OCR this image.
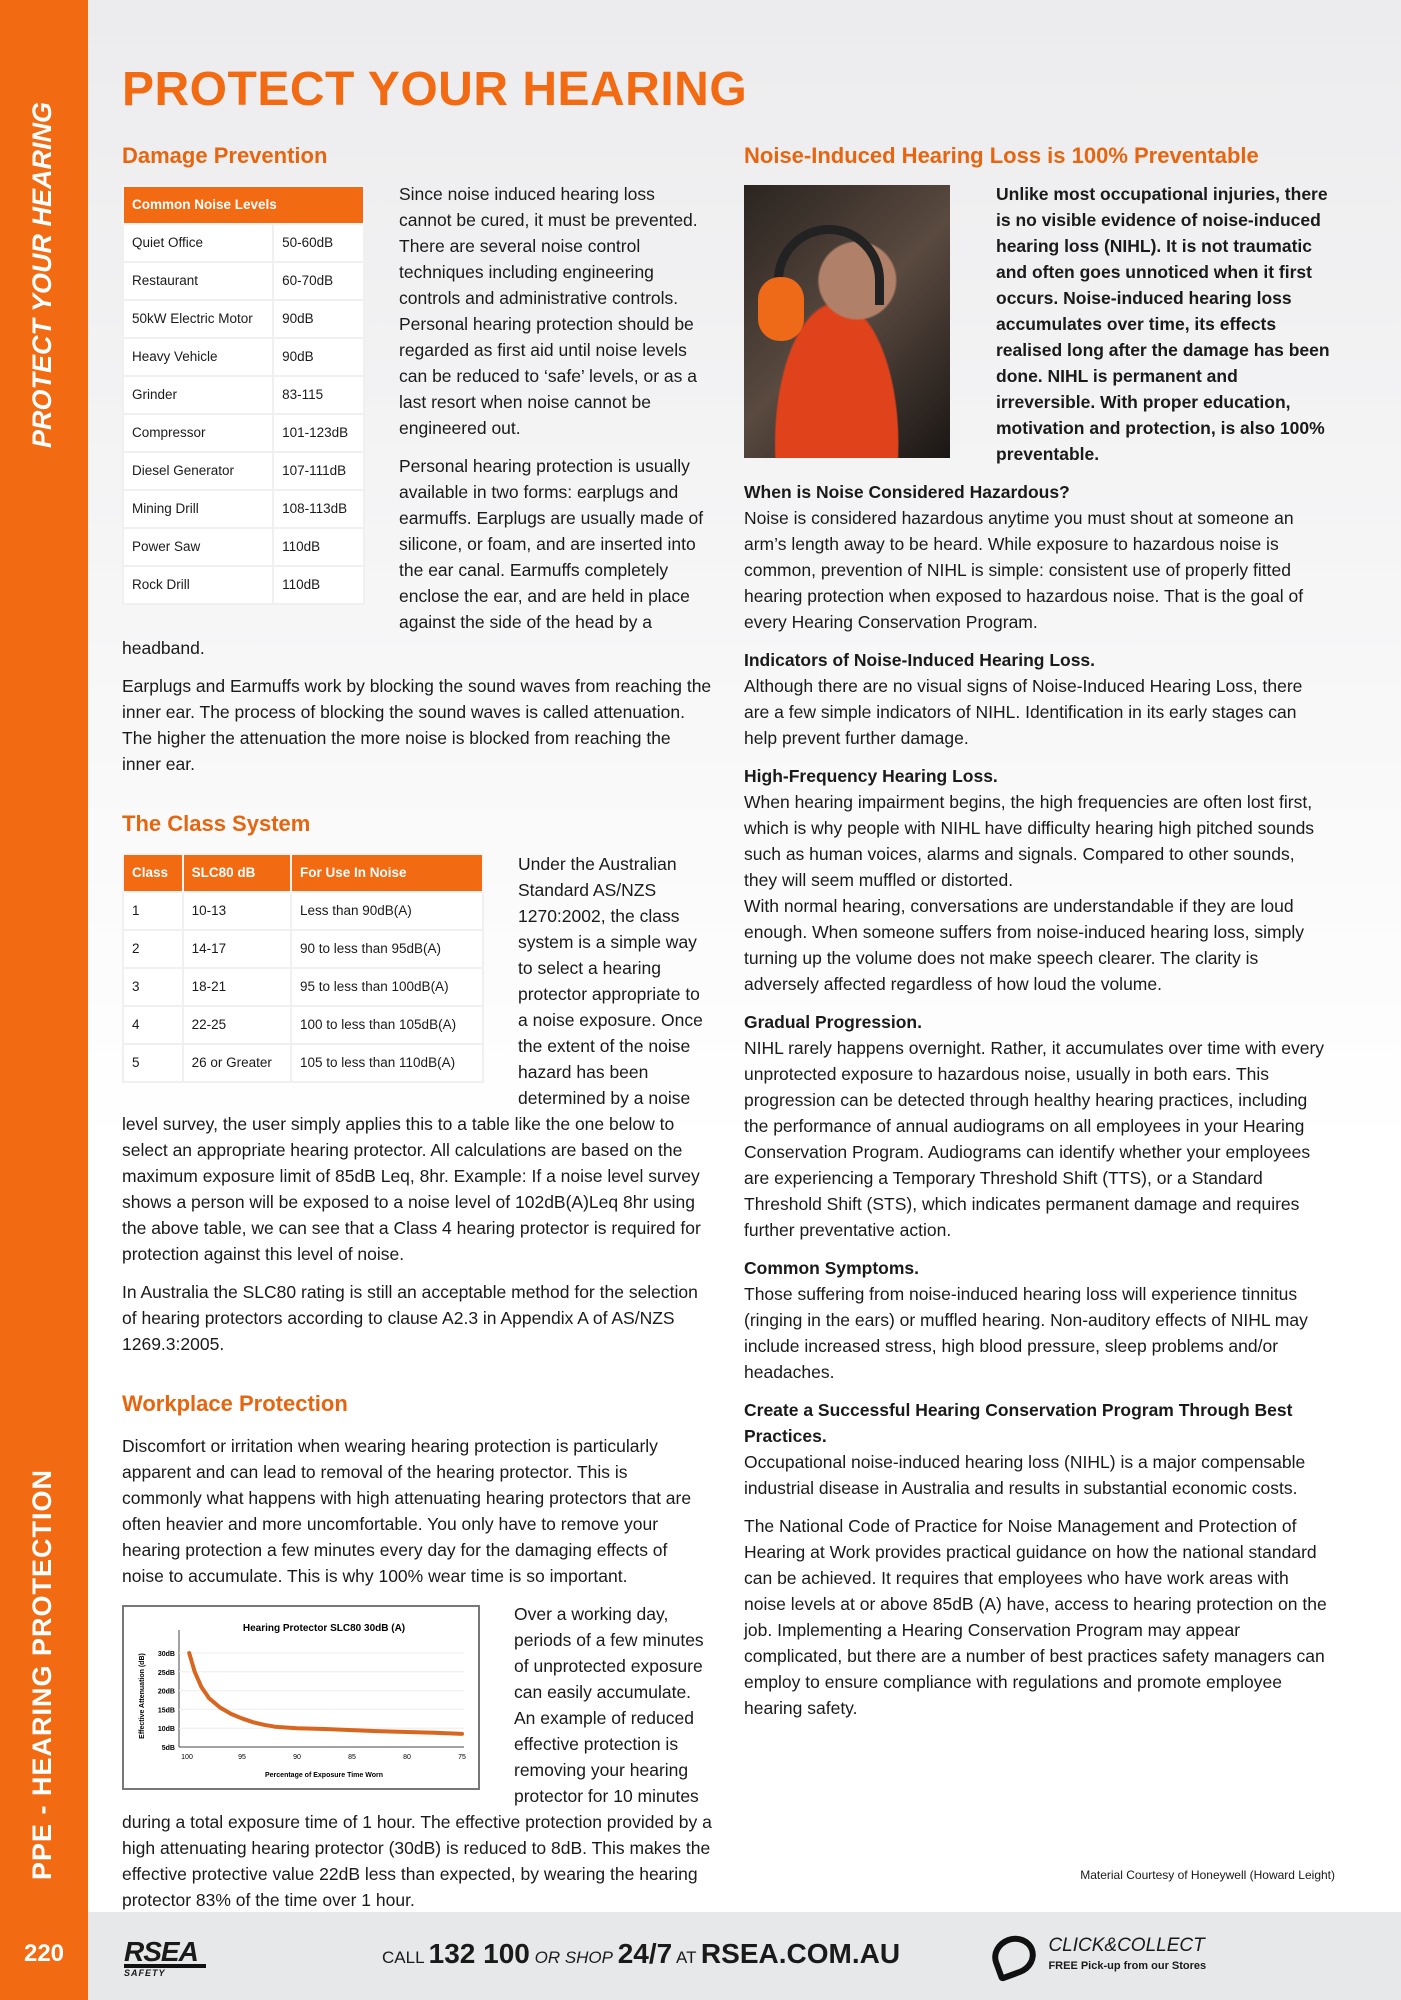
PROTECT YOUR HEARING
PPE - HEARING PROTECTION
220
PROTECT YOUR HEARING
Damage Prevention
Common Noise Levels	
Quiet Office	50-60dB
Restaurant	60-70dB
50kW Electric Motor	90dB
Heavy Vehicle	90dB
Grinder	83-115
Compressor	101-123dB
Diesel Generator	107-111dB
Mining Drill	108-113dB
Power Saw	110dB
Rock Drill	110dB

Since noise induced hearing loss cannot be cured, it must be prevented. There are several noise control techniques including engineering controls and administrative controls. Personal hearing protection should be regarded as first aid until noise levels can be reduced to ‘safe’ levels, or as a last resort when noise cannot be engineered out.

Personal hearing protection is usually available in two forms: earplugs and earmuffs. Earplugs are usually made of silicone, or foam, and are inserted into the ear canal. Earmuffs completely enclose the ear, and are held in place against the side of the head by a headband.

Earplugs and Earmuffs work by blocking the sound waves from reaching the inner ear. The process of blocking the sound waves is called attenuation. The higher the attenuation the more noise is blocked from reaching the inner ear.

The Class System
Class	SLC80 dB	For Use In Noise
1	10-13	Less than 90dB(A)
2	14-17	90 to less than 95dB(A)
3	18-21	95 to less than 100dB(A)
4	22-25	100 to less than 105dB(A)
5	26 or Greater	105 to less than 110dB(A)

Under the Australian Standard AS/NZS 1270:2002, the class system is a simple way to select a hearing protector appropriate to a noise exposure. Once the extent of the noise hazard has been determined by a noise level survey, the user simply applies this to a table like the one below to select an appropriate hearing protector. All calculations are based on the maximum exposure limit of 85dB Leq, 8hr. Example: If a noise level survey shows a person will be exposed to a noise level of 102dB(A)Leq 8hr using the above table, we can see that a Class 4 hearing protector is required for protection against this level of noise.

In Australia the SLC80 rating is still an acceptable method for the selection of hearing protectors according to clause A2.3 in Appendix A of AS/NZS 1269.3:2005.

Workplace Protection

Discomfort or irritation when wearing hearing protection is particularly apparent and can lead to removal of the hearing protector. This is commonly what happens with high attenuating hearing protectors that are often heavier and more uncomfortable. You only have to remove your hearing protection a few minutes every day for the damaging effects of noise to accumulate. This is why 100% wear time is so important.

Hearing Protector SLC80 30dB (A)
30dB
25dB
20dB
15dB
10dB
5dB
100	95	90	85	80	75
Percentage of Exposure Time Worn
Effective Attenuation (dB)

Over a working day, periods of a few minutes of unprotected exposure can easily accumulate. An example of reduced effective protection is removing your hearing protector for 10 minutes during a total exposure time of 1 hour. The effective protection provided by a high attenuating hearing protector (30dB) is reduced to 8dB. This makes the effective protective value 22dB less than expected, by wearing the hearing protector 83% of the time over 1 hour.

Noise-Induced Hearing Loss is 100% Preventable

Unlike most occupational injuries, there is no visible evidence of noise-induced hearing loss (NIHL). It is not traumatic and often goes unnoticed when it first occurs. Noise-induced hearing loss accumulates over time, its effects realised long after the damage has been done. NIHL is permanent and irreversible. With proper education, motivation and protection, is also 100% preventable.

When is Noise Considered Hazardous?
Noise is considered hazardous anytime you must shout at someone an arm’s length away to be heard. While exposure to hazardous noise is common, prevention of NIHL is simple: consistent use of properly fitted hearing protection when exposed to hazardous noise. That is the goal of every Hearing Conservation Program.
Indicators of Noise-Induced Hearing Loss.
Although there are no visual signs of Noise-Induced Hearing Loss, there are a few simple indicators of NIHL. Identification in its early stages can help prevent further damage.
High-Frequency Hearing Loss.
When hearing impairment begins, the high frequencies are often lost first, which is why people with NIHL have difficulty hearing high pitched sounds such as human voices, alarms and signals. Compared to other sounds, they will seem muffled or distorted.
With normal hearing, conversations are understandable if they are loud enough. When someone suffers from noise-induced hearing loss, simply turning up the volume does not make speech clearer. The clarity is adversely affected regardless of how loud the volume.
Gradual Progression.
NIHL rarely happens overnight. Rather, it accumulates over time with every unprotected exposure to hazardous noise, usually in both ears. This progression can be detected through healthy hearing practices, including the performance of annual audiograms on all employees in your Hearing Conservation Program. Audiograms can identify whether your employees are experiencing a Temporary Threshold Shift (TTS), or a Standard Threshold Shift (STS), which indicates permanent damage and requires further preventative action.
Common Symptoms.
Those suffering from noise-induced hearing loss will experience tinnitus (ringing in the ears) or muffled hearing. Non-auditory effects of NIHL may include increased stress, high blood pressure, sleep problems and/or headaches.
Create a Successful Hearing Conservation Program Through Best Practices.
Occupational noise-induced hearing loss (NIHL) is a major compensable industrial disease in Australia and results in substantial economic costs.

The National Code of Practice for Noise Management and Protection of Hearing at Work provides practical guidance on how the national standard can be achieved. It requires that employees who have work areas with noise levels at or above 85dB (A) have, access to hearing protection on the job. Implementing a Hearing Conservation Program may appear complicated, but there are a number of best practices safety managers can employ to ensure compliance with regulations and promote employee hearing safety.

Material Courtesy of Honeywell (Howard Leight)
RSEA
SAFETY
CALL 132 100 OR SHOP 24/7 AT RSEA.COM.AU	CLICK&COLLECT
FREE Pick-up from our Stores
